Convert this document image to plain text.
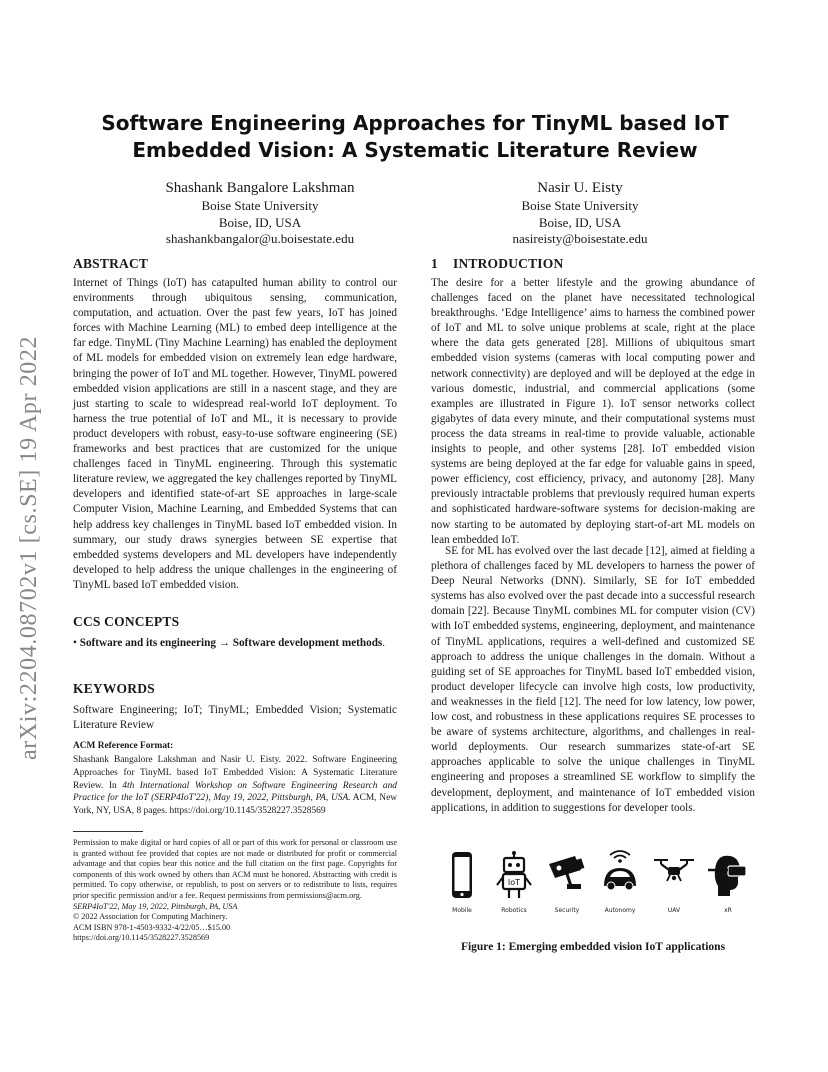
arXiv:2204.08702v1 [cs.SE] 19 Apr 2022
Software Engineering Approaches for TinyML based IoT
Embedded Vision: A Systematic Literature Review
Shashank Bangalore Lakshman
Boise State University
Boise, ID, USA
shashankbangalor@u.boisestate.edu
Nasir U. Eisty
Boise State University
Boise, ID, USA
nasireisty@boisestate.edu
ABSTRACT

Internet of Things (IoT) has catapulted human ability to control our environments through ubiquitous sensing, communication, computation, and actuation. Over the past few years, IoT has joined forces with Machine Learning (ML) to embed deep intelligence at the far edge. TinyML (Tiny Machine Learning) has enabled the deployment of ML models for embedded vision on extremely lean edge hardware, bringing the power of IoT and ML together. However, TinyML powered embedded vision applications are still in a nascent stage, and they are just starting to scale to widespread real-world IoT deployment. To harness the true potential of IoT and ML, it is necessary to provide product developers with robust, easy-to-use software engineering (SE) frameworks and best practices that are customized for the unique challenges faced in TinyML engineering. Through this systematic literature review, we aggregated the key challenges reported by TinyML developers and identified state-of-art SE approaches in large-scale Computer Vision, Machine Learning, and Embedded Systems that can help address key challenges in TinyML based IoT embedded vision. In summary, our study draws synergies between SE expertise that embedded systems developers and ML developers have independently developed to help address the unique challenges in the engineering of TinyML based IoT embedded vision.

CCS CONCEPTS
• Software and its engineering → Software development methods.
KEYWORDS

Software Engineering; IoT; TinyML; Embedded Vision; Systematic Literature Review

ACM Reference Format:

Shashank Bangalore Lakshman and Nasir U. Eisty. 2022. Software Engineering Approaches for TinyML based IoT Embedded Vision: A Systematic Literature Review. In 4th International Workshop on Software Engineering Research and Practice for the IoT (SERP4IoT'22), May 19, 2022, Pittsburgh, PA, USA. ACM, New York, NY, USA, 8 pages. https://doi.org/10.1145/3528227.3528569

Permission to make digital or hard copies of all or part of this work for personal or classroom use is granted without fee provided that copies are not made or distributed for profit or commercial advantage and that copies bear this notice and the full citation on the first page. Copyrights for components of this work owned by others than ACM must be honored. Abstracting with credit is permitted. To copy otherwise, or republish, to post on servers or to redistribute to lists, requires prior specific permission and/or a fee. Request permissions from permissions@acm.org.
SERP4IoT'22, May 19, 2022, Pittsburgh, PA, USA
© 2022 Association for Computing Machinery.
ACM ISBN 978-1-4503-9332-4/22/05…$15.00
https://doi.org/10.1145/3528227.3528569
1 INTRODUCTION

The desire for a better lifestyle and the growing abundance of challenges faced on the planet have necessitated technological breakthroughs. ‘Edge Intelligence’ aims to harness the combined power of IoT and ML to solve unique problems at scale, right at the place where the data gets generated [28]. Millions of ubiquitous smart embedded vision systems (cameras with local computing power and network connectivity) are deployed and will be deployed at the edge in various domestic, industrial, and commercial applications (some examples are illustrated in Figure 1). IoT sensor networks collect gigabytes of data every minute, and their computational systems must process the data streams in real-time to provide valuable, actionable insights to people, and other systems [28]. IoT embedded vision systems are being deployed at the far edge for valuable gains in speed, power efficiency, cost efficiency, privacy, and autonomy [28]. Many previously intractable problems that previously required human experts and sophisticated hardware-software systems for decision-making are now starting to be automated by deploying start-of-art ML models on lean embedded IoT.

SE for ML has evolved over the last decade [12], aimed at fielding a plethora of challenges faced by ML developers to harness the power of Deep Neural Networks (DNN). Similarly, SE for IoT embedded systems has also evolved over the past decade into a successful research domain [22]. Because TinyML combines ML for computer vision (CV) with IoT embedded systems, engineering, deployment, and maintenance of TinyML applications, requires a well-defined and customized SE approach to address the unique challenges in the domain. Without a guiding set of SE approaches for TinyML based IoT embedded vision, product developer lifecycle can involve high costs, low productivity, and weaknesses in the field [12]. The need for low latency, low power, low cost, and robustness in these applications requires SE processes to be aware of systems architecture, algorithms, and challenges in real-world deployments. Our research summarizes state-of-art SE approaches applicable to solve the unique challenges in TinyML engineering and proposes a streamlined SE workflow to simplify the development, deployment, and maintenance of IoT embedded vision applications, in addition to suggestions for developer tools.

Mobile
IoT
Robotics	Security	Autonomy	UAV	xR
Figure 1: Emerging embedded vision IoT applications
